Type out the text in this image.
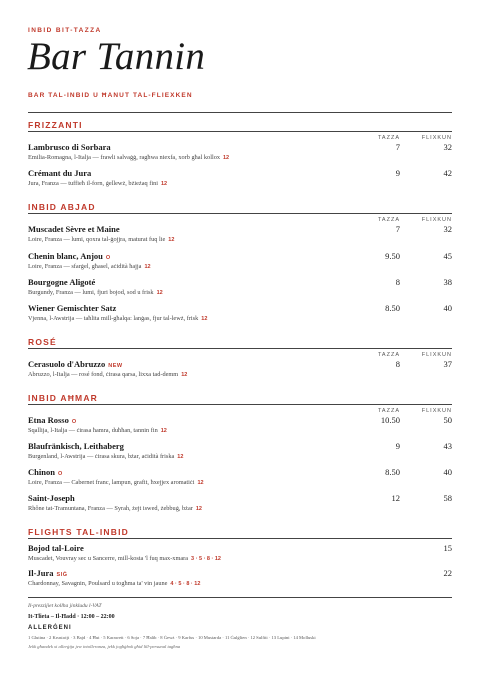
INBID BIT-TAZZA
Bar Tannin
BAR TAL-INBID U ĦANUT TAL-FLIEXKEN
FRIZZANTI
TAZZA	FLIXKUN
Lambrusco di Sorbara
Emilia-Romagna, l-Italja — frawli salvaġġ, ragħwa niexfa, xorb għal kollox 12
7	32
Crémant du Jura
Jura, Franza — tuffieħ il-forn, ġellewż, bżieżaq fini 12
9	42
INBID ABJAD
TAZZA	FLIXKUN
Muscadet Sèvre et Maine
Loire, Franza — lumi, qoxra tal-ġojjra, maturat fuq lie 12
7	32
Chenin blanc, Anjou O
Loire, Franza — sfarġel, għasel, aċidità ħajja 12
9.50	45
Bourgogne Aligoté
Burgundy, Franza — lumi, fjuri bojod, sod u frisk 12
8	38
Wiener Gemischter Satz
Vjenna, l-Awstrija — taħlita mill-għalqa: lanġas, fjur tal-lewż, frisk 12
8.50	40
ROSÉ
TAZZA	FLIXKUN
Cerasuolo d'Abruzzo NEW
Abruzzo, l-Italja — rosé fond, ċirasa qarsa, lixxa tad-demm 12
8	37
INBID AĦMAR
TAZZA	FLIXKUN
Etna Rosso O
Sqallija, l-Italja — ċirasa ħamra, duħħan, tannin fin 12
10.50	50
Blaufränkisch, Leithaberg
Burgenland, l-Awstrija — ċirasa skura, bżar, aċidità friska 12
9	43
Chinon O
Loire, Franza — Cabernet franc, lampun, grafit, ħxejjex aromatiċi 12
8.50	40
Saint-Joseph
Rhône tat-Tramuntana, Franza — Syrah, żejt iswed, żebbuġ, bżar 12
12	58
FLIGHTS TAL-INBID
Bojod tal-Loire
Muscadet, Vouvray sec u Sancerre, mill-kosta 'l fuq max-xmara 3 · 5 · 8 · 12
15
Il-Jura SIĠ
Chardonnay, Savagnin, Poulsard u togħma ta' vin jaune 4 · 5 · 8 · 12
22
Il-prezzijiet kollha jinkludu l-VAT
It-Tlieta – Il-Ħadd · 12:00 – 22:00
ALLERĠENI
1 Glutina · 2 Krustaċji · 3 Bajd · 4 Ħut · 5 Karawett · 6 Soja · 7 Ħalib · 8 Ġewż · 9 Karfus · 10 Mustarda · 11 Ġulġlien · 12 Sulfiti · 13 Lupini · 14 Molluski
Jekk għandek xi allerġija jew intolleranza, jekk jogħġbok għid lill-persunal tagħna
